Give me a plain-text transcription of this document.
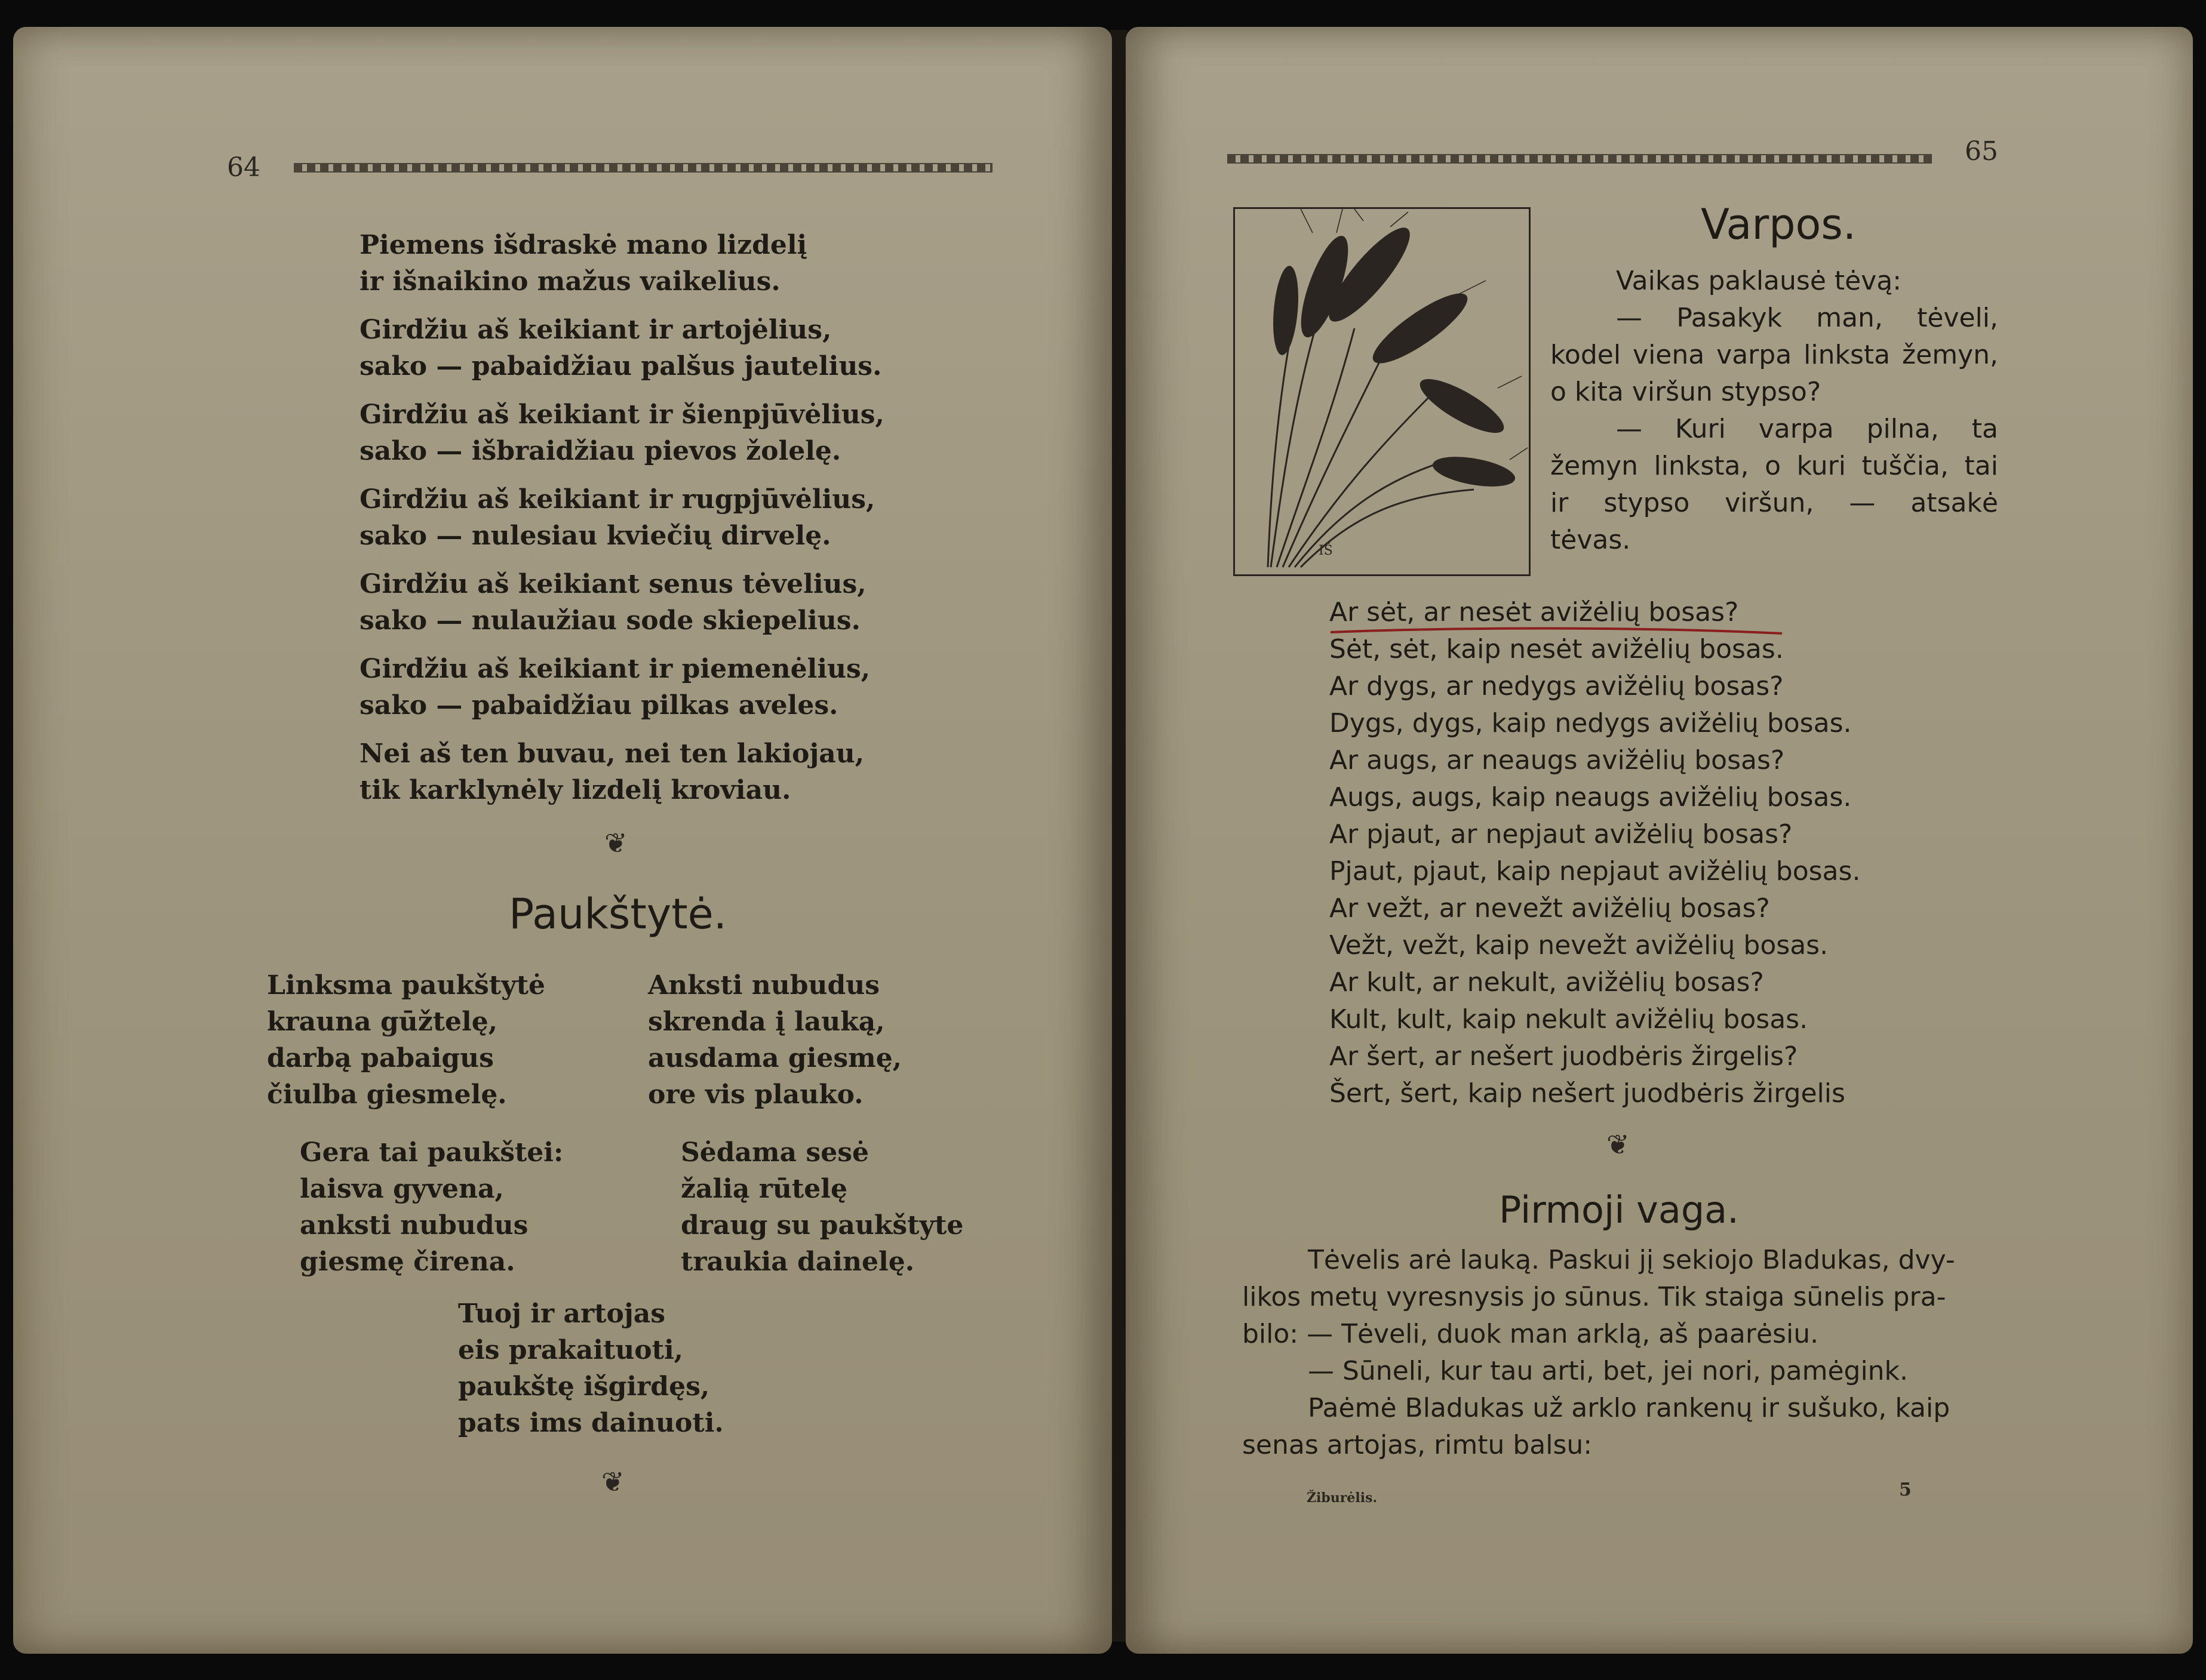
64

Piemens išdraskė mano lizdelį
ir išnaikino mažus vaikelius.
Girdžiu aš keikiant ir artojėlius,
sako — pabaidžiau palšus jautelius.
Girdžiu aš keikiant ir šienpjūvėlius,
sako — išbraidžiau pievos žolelę.
Girdžiu aš keikiant ir rugpjūvėlius,
sako — nulesiau kviečių dirvelę.
Girdžiu aš keikiant senus tėvelius,
sako — nulaužiau sode skiepelius.
Girdžiu aš keikiant ir piemenėlius,
sako — pabaidžiau pilkas aveles.
Nei aš ten buvau, nei ten lakiojau,
tik karklynėly lizdelį kroviau.

❦

Paukštytė.

Linksma paukštytė
krauna gūžtelę,
darbą pabaigus
čiulba giesmelę.
Anksti nubudus
skrenda į lauką,
ausdama giesmę,
ore vis plauko.
Gera tai paukštei:
laisva gyvena,
anksti nubudus
giesmę čirena.
Sėdama sesė
žalią rūtelę
draug su paukštyte
traukia dainelę.
Tuoj ir artojas
eis prakaituoti,
paukštę išgirdęs,
pats ims dainuoti.

❦

65

IŠ

Varpos.

Vaikas paklausė tėvą:
— Pasakyk man, tėveli,
kodel viena varpa linksta žemyn,
o kita viršun stypso?
— Kuri varpa pilna, ta
žemyn linksta, o kuri tuščia, tai
ir stypso viršun, — atsakė
tėvas.
Ar sėt, ar nesėt avižėlių bosas?
Sėt, sėt, kaip nesėt avižėlių bosas.
Ar dygs, ar nedygs avižėlių bosas?
Dygs, dygs, kaip nedygs avižėlių bosas.
Ar augs, ar neaugs avižėlių bosas?
Augs, augs, kaip neaugs avižėlių bosas.
Ar pjaut, ar nepjaut avižėlių bosas?
Pjaut, pjaut, kaip nepjaut avižėlių bosas.
Ar vežt, ar nevežt avižėlių bosas?
Vežt, vežt, kaip nevežt avižėlių bosas.
Ar kult, ar nekult, avižėlių bosas?
Kult, kult, kaip nekult avižėlių bosas.
Ar šert, ar nešert juodbėris žirgelis?
Šert, šert, kaip nešert juodbėris žirgelis

❦

Pirmoji vaga.

Tėvelis arė lauką. Paskui jį sekiojo Bladukas, dvy-
likos metų vyresnysis jo sūnus. Tik staiga sūnelis pra-
bilo: — Tėveli, duok man arklą, aš paarėsiu.
— Sūneli, kur tau arti, bet, jei nori, pamėgink.
Paėmė Bladukas už arklo rankenų ir sušuko, kaip
senas artojas, rimtu balsu:

Žiburėlis.	5
